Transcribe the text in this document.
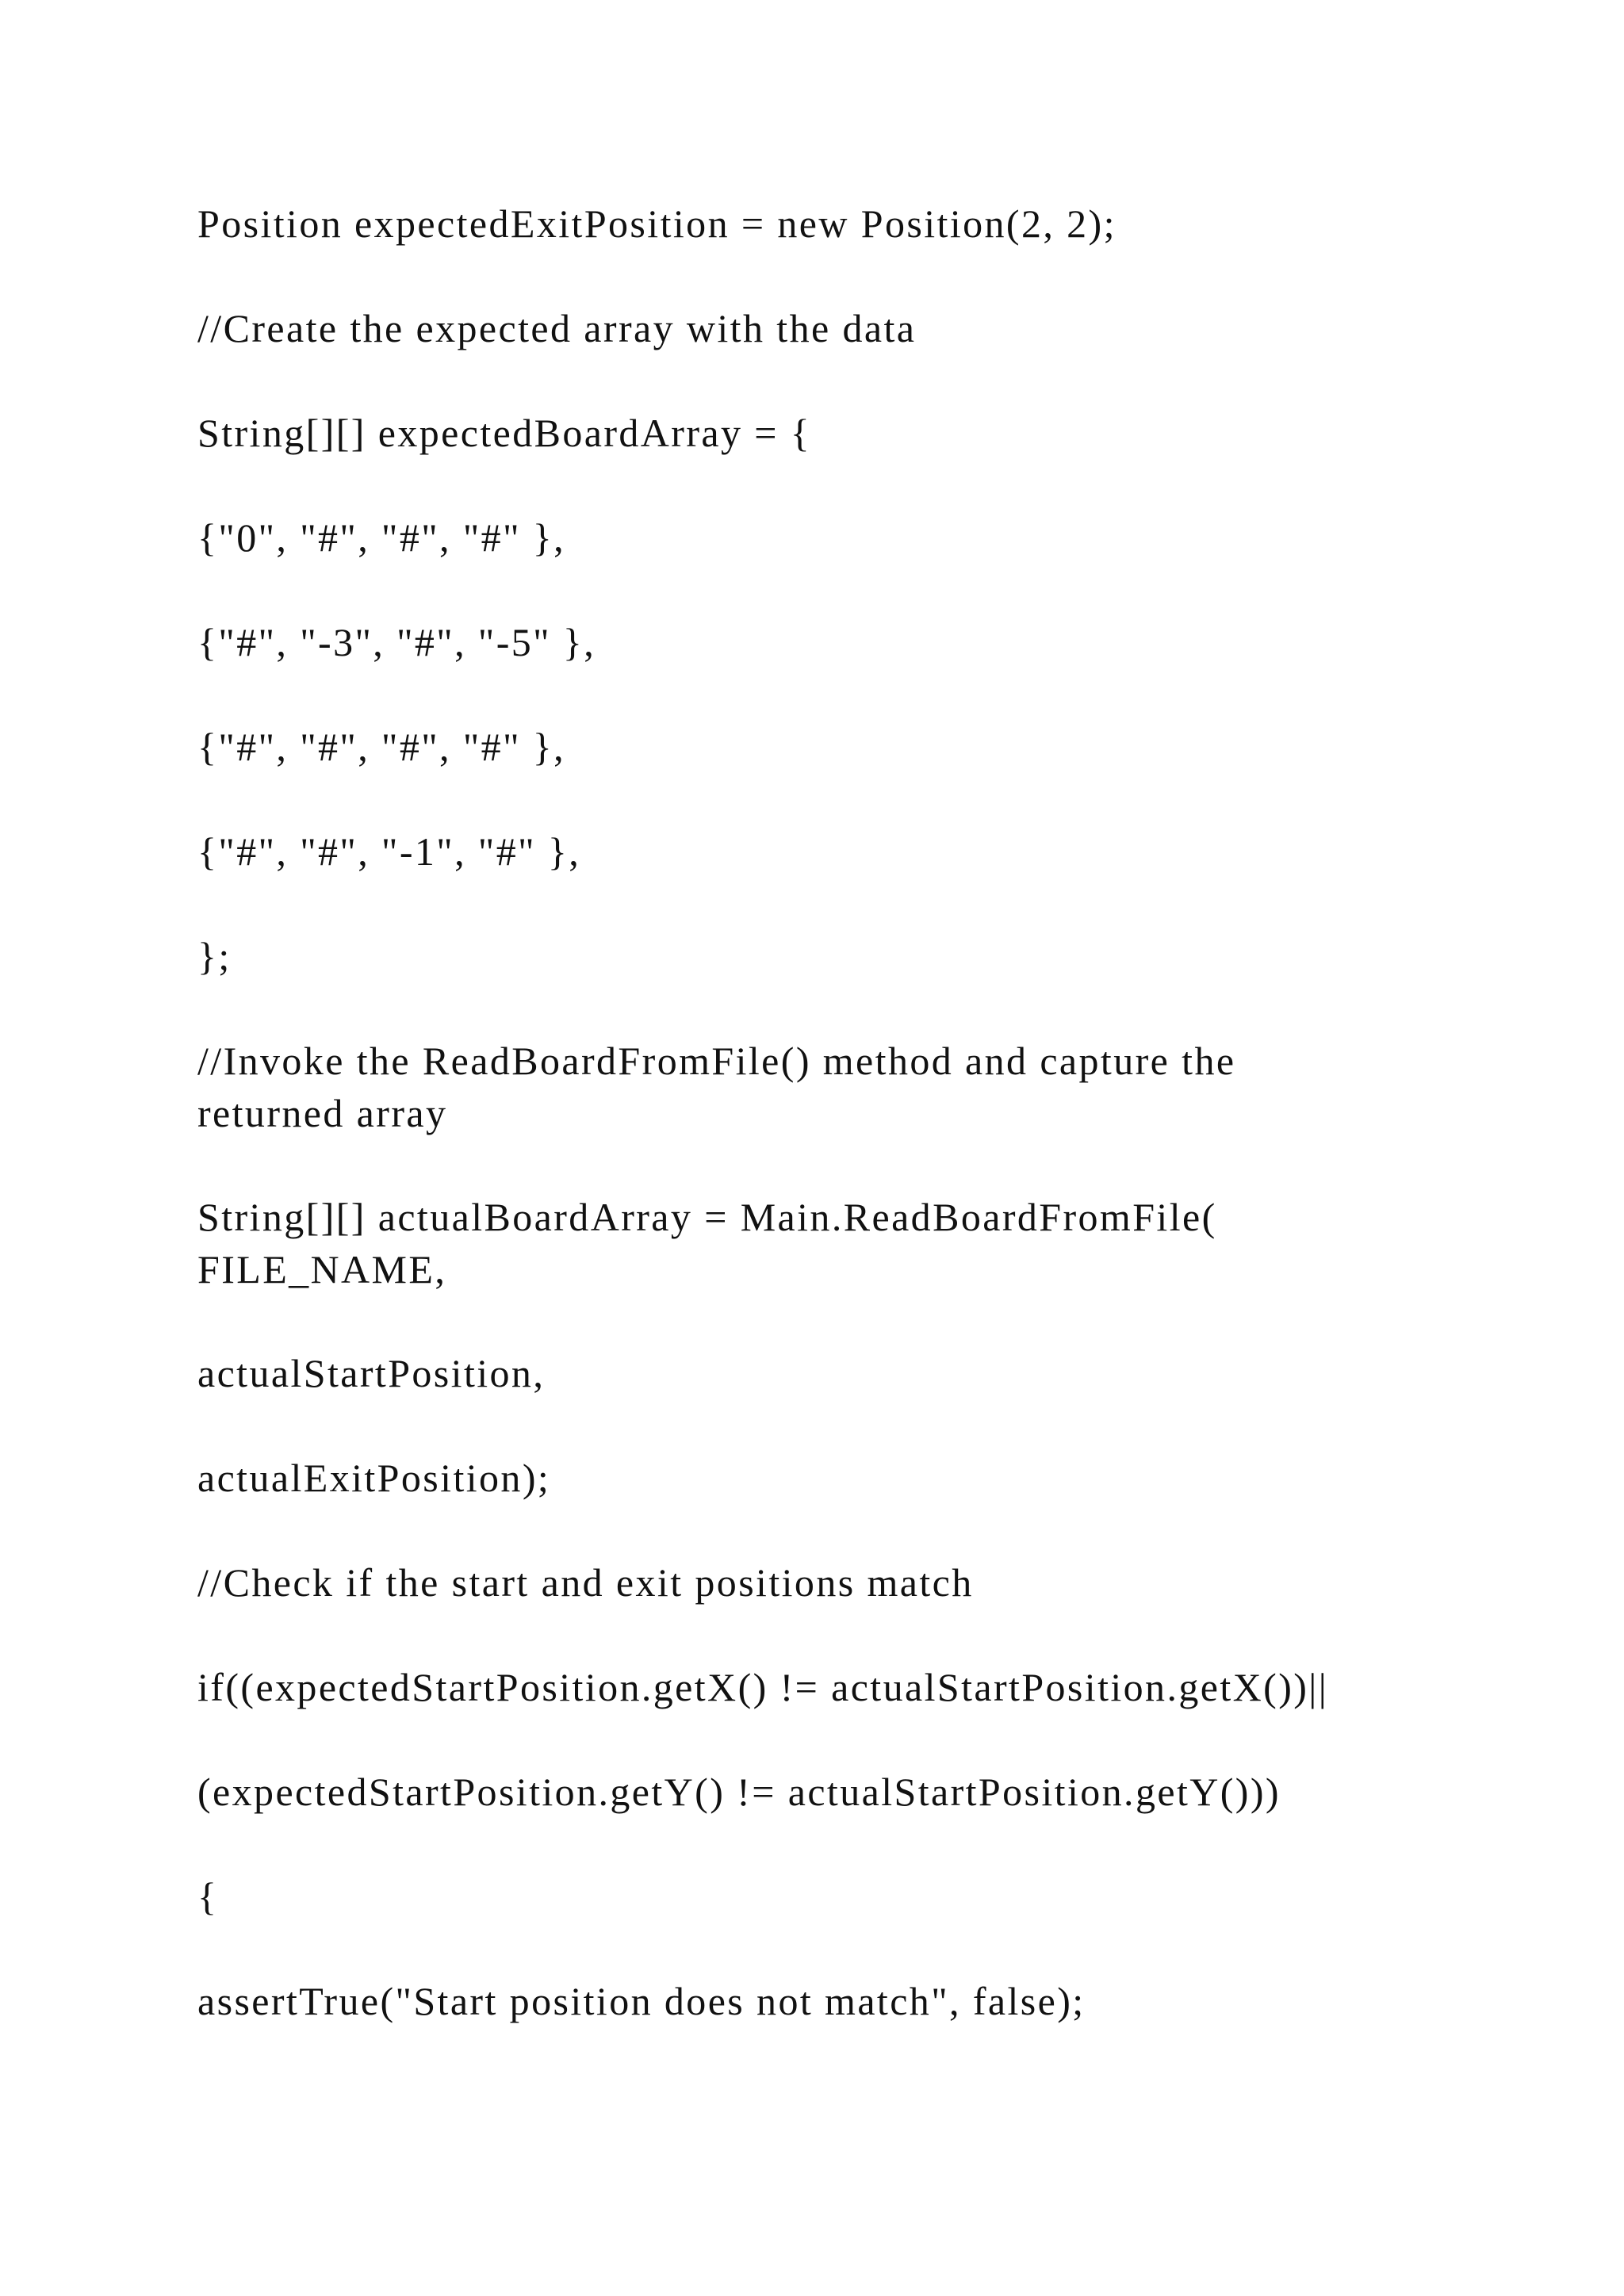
Position expectedExitPosition = new Position(2, 2);

//Create the expected array with the data

String[][] expectedBoardArray = {

{"0", "#", "#", "#" },

{"#", "-3", "#", "-5" },

{"#", "#", "#", "#" },

{"#", "#", "-1", "#" },

};

//Invoke the ReadBoardFromFile() method and capture the
returned array

String[][] actualBoardArray = Main.ReadBoardFromFile(
FILE_NAME,

actualStartPosition,

actualExitPosition);

//Check if the start and exit positions match

if((expectedStartPosition.getX() != actualStartPosition.getX())||

(expectedStartPosition.getY() != actualStartPosition.getY()))

{

assertTrue("Start position does not match", false);
